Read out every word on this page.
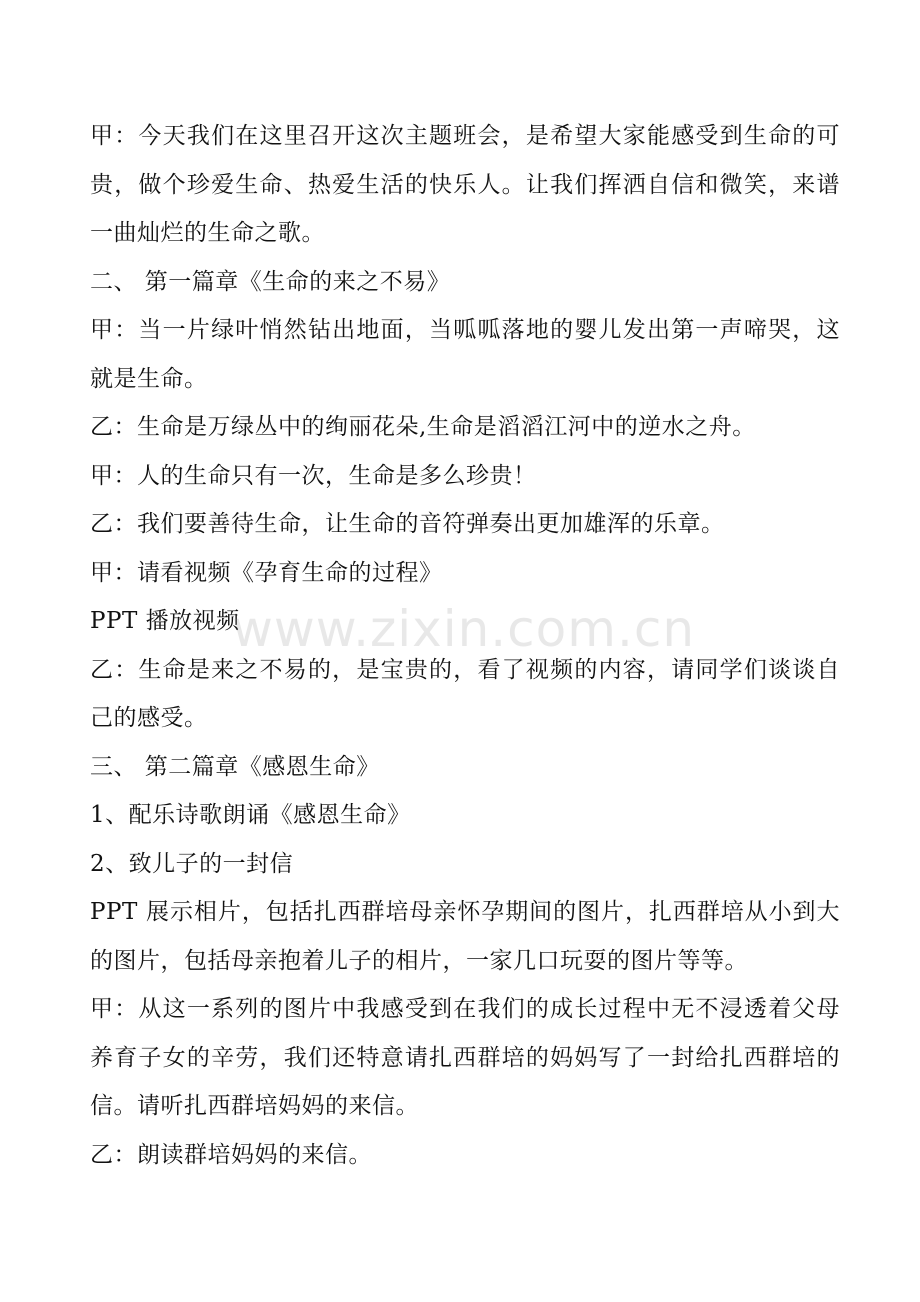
甲：今天我们在这里召开这次主题班会，是希望大家能感受到生命的可贵，做个珍爱生命、热爱生活的快乐人。让我们挥洒自信和微笑，来谱一曲灿烂的生命之歌。

二、 第一篇章《生命的来之不易》

甲：当一片绿叶悄然钻出地面，当呱呱落地的婴儿发出第一声啼哭，这就是生命。

乙：生命是万绿丛中的绚丽花朵,生命是滔滔江河中的逆水之舟。

甲：人的生命只有一次，生命是多么珍贵！

乙：我们要善待生命，让生命的音符弹奏出更加雄浑的乐章。

甲：请看视频《孕育生命的过程》

PPT 播放视频

乙：生命是来之不易的，是宝贵的，看了视频的内容，请同学们谈谈自己的感受。

三、 第二篇章《感恩生命》

1、配乐诗歌朗诵《感恩生命》

2、致儿子的一封信

PPT 展示相片，包括扎西群培母亲怀孕期间的图片，扎西群培从小到大的图片，包括母亲抱着儿子的相片，一家几口玩耍的图片等等。

甲：从这一系列的图片中我感受到在我们的成长过程中无不浸透着父母养育子女的辛劳，我们还特意请扎西群培的妈妈写了一封给扎西群培的信。请听扎西群培妈妈的来信。

乙：朗读群培妈妈的来信。

www.zixin.com.cn
